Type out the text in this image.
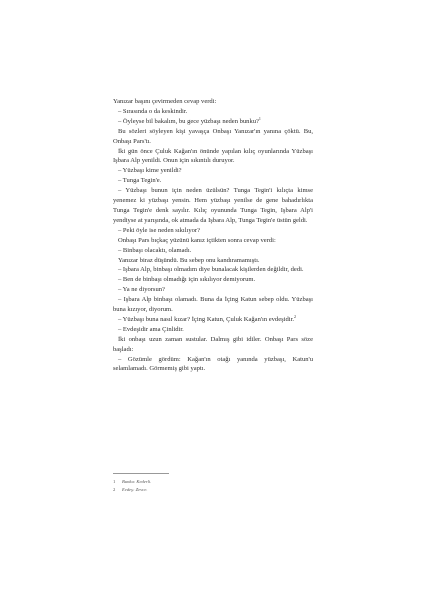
Yanızar başını çevirmeden cevap verdi:

– Sırasında o da keskindir.

– Öyleyse bil bakalım, bu gece yüzbaşı neden bunku?$^1$

Bu sözleri söyleyen kişi yavaşça Onbaşı Yanızar'ın yanına çöktü. Bu, Onbaşı Pars'tı.

İki gün önce Çuluk Kağan'ın önünde yapılan kılıç oyunlarında Yüzbaşı Işbara Alp yenildi. Onun için sıkıntılı duruyor.

– Yüzbaşı kime yenildi?

– Tunga Tegin'e.

– Yüzbaşı bunun için neden üzülsün? Tunga Tegin'i kılıçta kimse yenemez ki yüzbaşı yensin. Hem yüzbaşı yenilse de gene bahadırlıkta Tunga Tegin'e denk sayılır. Kılıç oyununda Tunga Tegin, Işbara Alp'i yendiyse at yarışında, ok atmada da Işbara Alp, Tunga Tegin'e üstün geldi.

– Peki öyle ise neden sıkılıyor?

Onbaşı Pars bıçkaç yüzünü kanız içtikten sonra cevap verdi:

– Binbaşı olacaktı, olamadı.

Yanızar biraz düşündü. Bu sebep onu kandıramamıştı.

– Işbara Alp, binbaşı olmadım diye bunalacak kişilerden değildir, dedi.

– Ben de binbaşı olmadığı için sıkılıyor demiyorum.

– Ya ne diyorsun?

– Işbara Alp binbaşı olamadı. Buna da İçing Katun sebep oldu. Yüzbaşı buna kızıyor, diyorum.

– Yüzbaşı buna nasıl kızar? İçing Katun, Çuluk Kağan'ın evdeşidir.$^2$

– Evdeşidir ama Çinlidir.

İki onbaşı uzun zaman sustular. Dalmış gibi idiler. Onbaşı Pars söze başladı:

– Gözümle gördüm: Kağan'ın otağı yanında yüzbaşı, Katun'u selamlamadı. Görmemiş gibi yaptı.

1	Bunku: Kederli.
2	Evdeş: Zevce.
